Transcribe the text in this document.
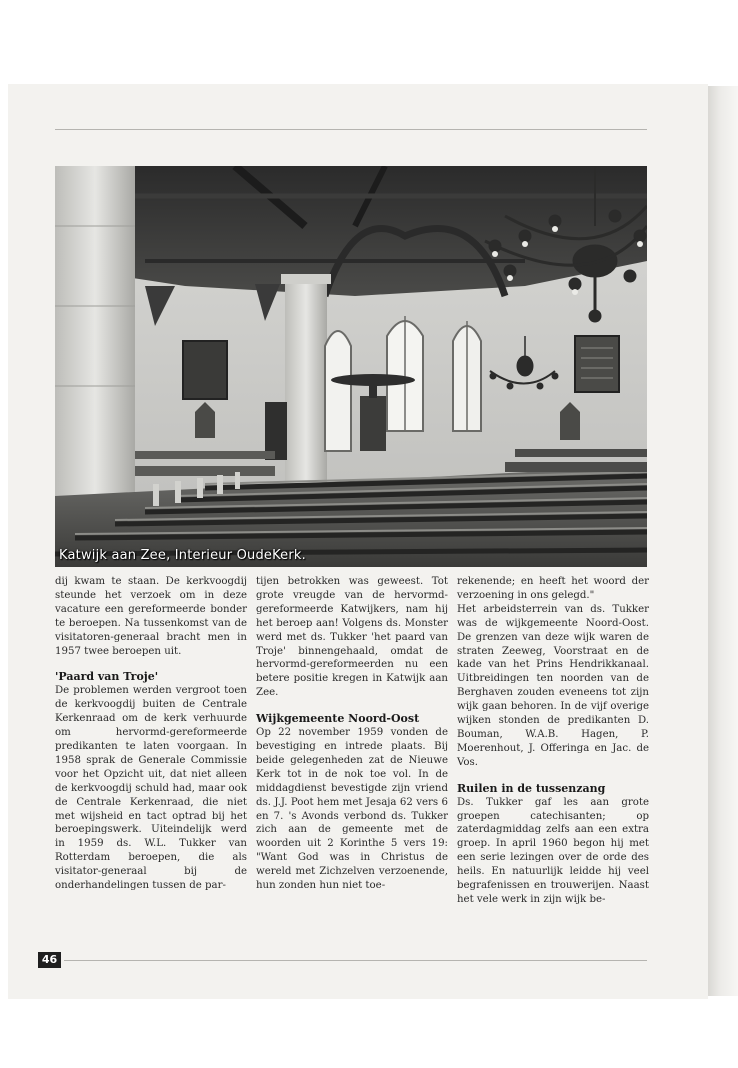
Katwijk aan Zee, Interieur OudeKerk.

dij kwam te staan. De kerkvoogdij steunde het verzoek om in deze vacature een gereformeerde bonder te beroepen. Na tussenkomst van de visitatoren-generaal bracht men in 1957 twee beroepen uit.

'Paard van Troje'

De problemen werden vergroot toen de kerkvoogdij buiten de Centrale Kerkenraad om de kerk verhuurde om hervormd-gereformeerde predikanten te laten voorgaan. In 1958 sprak de Generale Commissie voor het Opzicht uit, dat niet alleen de kerkvoogdij schuld had, maar ook de Centrale Kerkenraad, die niet met wijsheid en tact optrad bij het beroepingswerk. Uiteindelijk werd in 1959 ds. W.L. Tukker van Rotterdam beroepen, die als visitator-generaal bij de onderhandelingen tussen de par-

tijen betrokken was geweest. Tot grote vreugde van de hervormd-gereformeerde Katwijkers, nam hij het beroep aan! Volgens ds. Monster werd met ds. Tukker 'het paard van Troje' binnengehaald, omdat de hervormd-gereformeerden nu een betere positie kregen in Katwijk aan Zee.

Wijkgemeente Noord-Oost

Op 22 november 1959 vonden de bevestiging en intrede plaats. Bij beide gelegenheden zat de Nieuwe Kerk tot in de nok toe vol. In de middagdienst bevestigde zijn vriend ds. J.J. Poot hem met Jesaja 62 vers 6 en 7. 's Avonds verbond ds. Tukker zich aan de gemeente met de woorden uit 2 Korinthe 5 vers 19: "Want God was in Christus de wereld met Zichzelven verzoenende, hun zonden hun niet toe-

rekenende; en heeft het woord der verzoening in ons gelegd."

Het arbeidsterrein van ds. Tukker was de wijkgemeente Noord-Oost. De grenzen van deze wijk waren de straten Zeeweg, Voorstraat en de kade van het Prins Hendrikkanaal. Uitbreidingen ten noorden van de Berghaven zouden eveneens tot zijn wijk gaan behoren. In de vijf overige wijken stonden de predikanten D. Bouman, W.A.B. Hagen, P. Moerenhout, J. Offeringa en Jac. de Vos.

Ruilen in de tussenzang

Ds. Tukker gaf les aan grote groepen catechisanten; op zaterdagmiddag zelfs aan een extra groep. In april 1960 begon hij met een serie lezingen over de orde des heils. En natuurlijk leidde hij veel begrafenissen en trouwerijen. Naast het vele werk in zijn wijk be-

46
